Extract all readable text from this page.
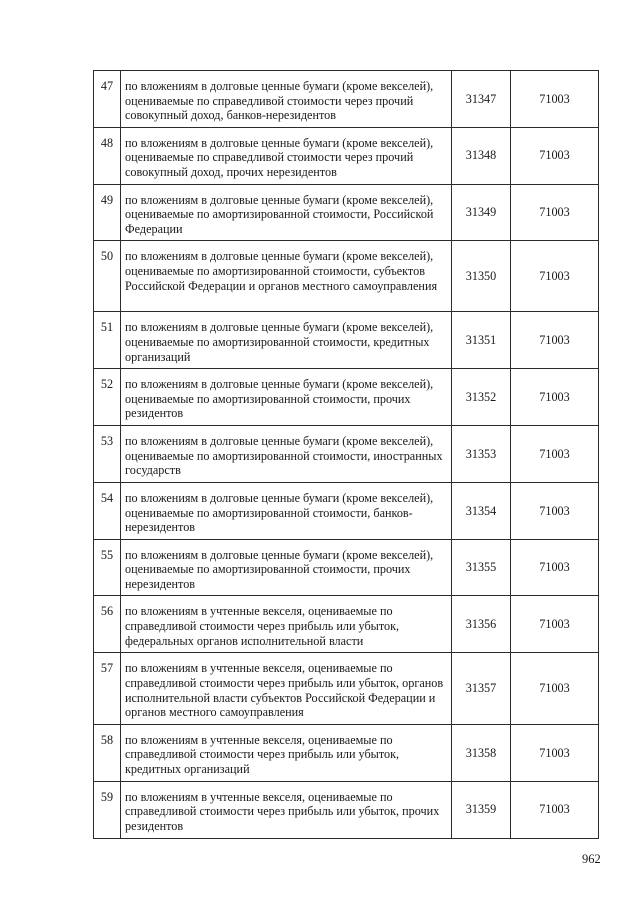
47	по вложениям в долговые ценные бумаги (кроме векселей), оцениваемые по справедливой стоимости через прочий совокупный доход, банков-нерезидентов	31347	71003
48	по вложениям в долговые ценные бумаги (кроме векселей), оцениваемые по справедливой стоимости через прочий совокупный доход, прочих нерезидентов	31348	71003
49	по вложениям в долговые ценные бумаги (кроме векселей), оцениваемые по амортизированной стоимости, Российской Федерации	31349	71003
50	по вложениям в долговые ценные бумаги (кроме векселей), оцениваемые по амортизированной стоимости, субъектов Российской Федерации и органов местного самоуправления	31350	71003
51	по вложениям в долговые ценные бумаги (кроме векселей), оцениваемые по амортизированной стоимости, кредитных организаций	31351	71003
52	по вложениям в долговые ценные бумаги (кроме векселей), оцениваемые по амортизированной стоимости, прочих резидентов	31352	71003
53	по вложениям в долговые ценные бумаги (кроме векселей), оцениваемые по амортизированной стоимости, иностранных государств	31353	71003
54	по вложениям в долговые ценные бумаги (кроме векселей), оцениваемые по амортизированной стоимости, банков-нерезидентов	31354	71003
55	по вложениям в долговые ценные бумаги (кроме векселей), оцениваемые по амортизированной стоимости, прочих нерезидентов	31355	71003
56	по вложениям в учтенные векселя, оцениваемые по справедливой стоимости через прибыль или убыток, федеральных органов исполнительной власти	31356	71003
57	по вложениям в учтенные векселя, оцениваемые по справедливой стоимости через прибыль или убыток, органов исполнительной власти субъектов Российской Федерации и органов местного самоуправления	31357	71003
58	по вложениям в учтенные векселя, оцениваемые по справедливой стоимости через прибыль или убыток, кредитных организаций	31358	71003
59	по вложениям в учтенные векселя, оцениваемые по справедливой стоимости через прибыль или убыток, прочих резидентов	31359	71003
962
